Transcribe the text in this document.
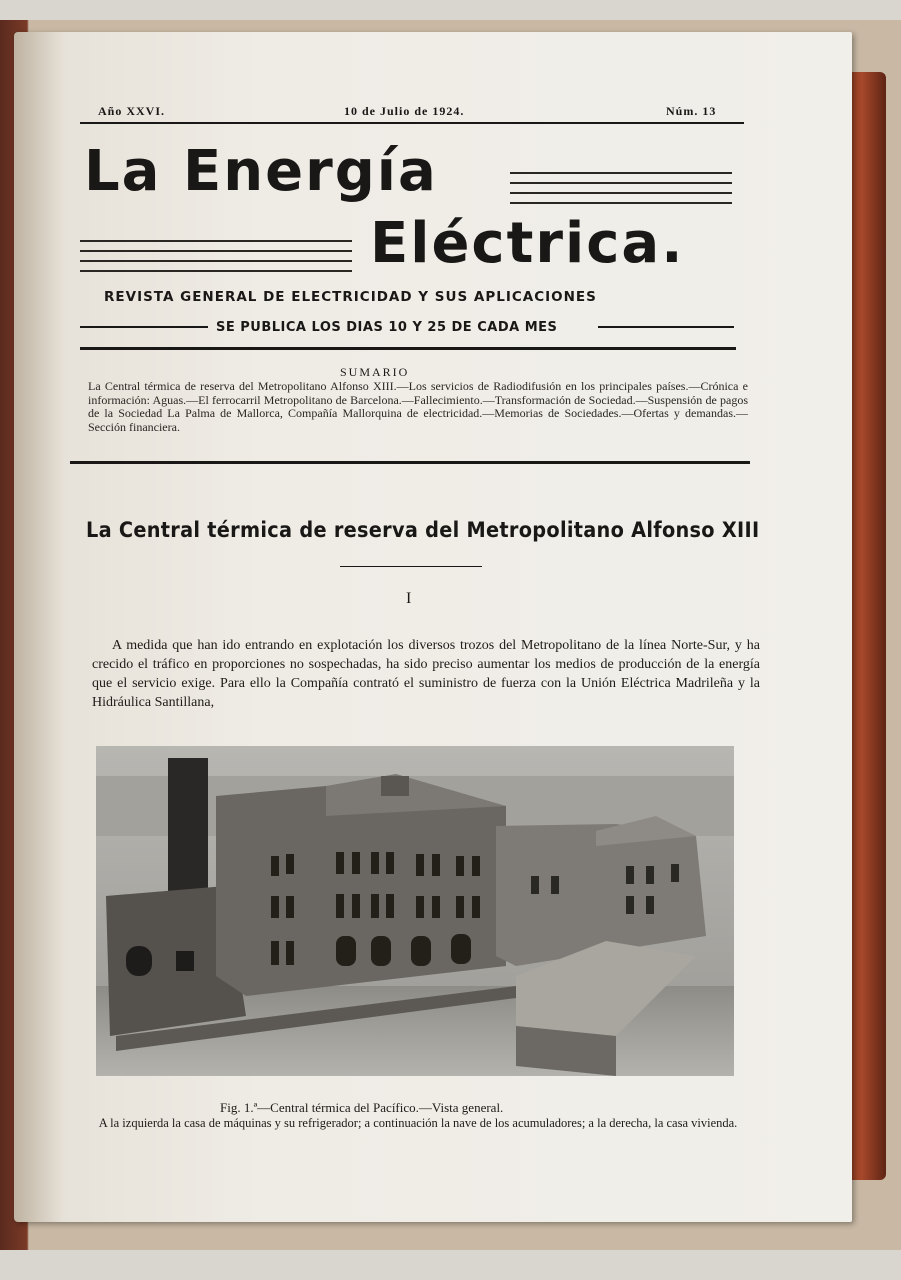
Año XXVI.	10 de Julio de 1924.	Núm. 13
La Energía
Eléctrica.
REVISTA GENERAL DE ELECTRICIDAD Y SUS APLICACIONES
SE PUBLICA LOS DIAS 10 Y 25 DE CADA MES
SUMARIO
La Central térmica de reserva del Metropolitano Alfonso XIII.—Los servicios de Radiodifusión en los principales países.—Crónica e información: Aguas.—El ferrocarril Metropolitano de Barcelona.—Fallecimiento.—Transformación de Sociedad.—Suspensión de pagos de la Sociedad La Palma de Mallorca, Compañía Mallorquina de electricidad.—Memorias de Sociedades.—Ofertas y demandas.—Sección financiera.
La Central térmica de reserva del Metropolitano Alfonso XIII
I
A medida que han ido entrando en explotación los diversos trozos del Metropolitano de la línea Norte-Sur, y ha crecido el tráfico en proporciones no sospechadas, ha sido preciso aumentar los medios de producción de la energía que el servicio exige. Para ello la Compañía contrató el suministro de fuerza con la Unión Eléctrica Madrileña y la Hidráulica Santillana,
Fig. 1.ª—Central térmica del Pacífico.—Vista general.
A la izquierda la casa de máquinas y su refrigerador; a continuación la nave de los acumuladores; a la derecha, la casa vivienda.
